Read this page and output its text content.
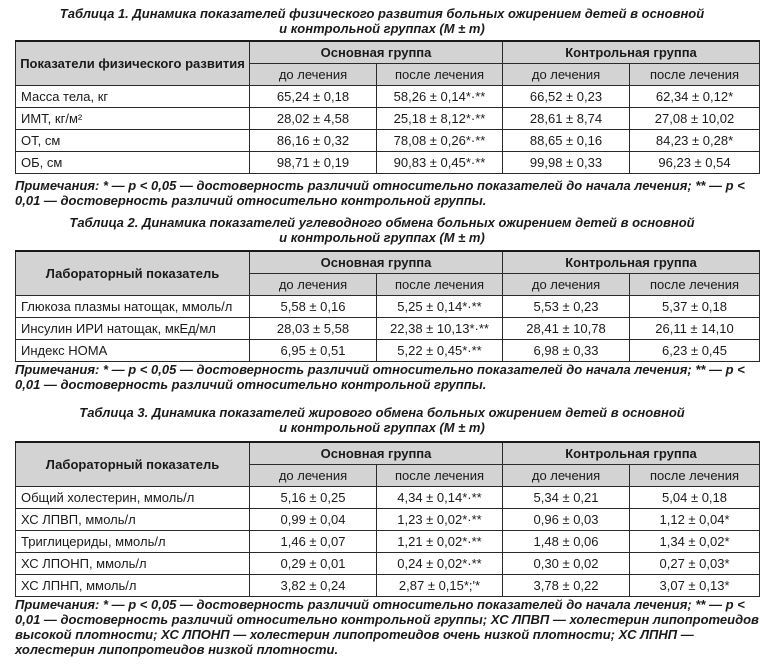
Таблица 1. Динамика показателей физического развития больных ожирением детей в основной
и контрольной группах (M ± m)
Показатели физического развития	Основная группа		Контрольная группа	
	до лечения	после лечения	до лечения	после лечения
Масса тела, кг	65,24 ± 0,18	58,26 ± 0,14*·**	66,52 ± 0,23	62,34 ± 0,12*
ИМТ, кг/м²	28,02 ± 4,58	25,18 ± 8,12*·**	28,61 ± 8,74	27,08 ± 10,02
ОТ, см	86,16 ± 0,32	78,08 ± 0,26*·**	88,65 ± 0,16	84,23 ± 0,28*
ОБ, см	98,71 ± 0,19	90,83 ± 0,45*·**	99,98 ± 0,33	96,23 ± 0,54

Примечания: * — p < 0,05 — достоверность различий относительно показателей до начала лечения; ** — p < 0,01 — достоверность различий относительно контрольной группы.

Таблица 2. Динамика показателей углеводного обмена больных ожирением детей в основной
и контрольной группах (M ± m)
Лабораторный показатель	Основная группа		Контрольная группа	
	до лечения	после лечения	до лечения	после лечения
Глюкоза плазмы натощак, ммоль/л	5,58 ± 0,16	5,25 ± 0,14*·**	5,53 ± 0,23	5,37 ± 0,18
Инсулин ИРИ натощак, мкЕд/мл	28,03 ± 5,58	22,38 ± 10,13*·**	28,41 ± 10,78	26,11 ± 14,10
Индекс HOMA	6,95 ± 0,51	5,22 ± 0,45*·**	6,98 ± 0,33	6,23 ± 0,45

Примечания: * — p < 0,05 — достоверность различий относительно показателей до начала лечения; ** — p < 0,01 — достоверность различий относительно контрольной группы.

Таблица 3. Динамика показателей жирового обмена больных ожирением детей в основной
и контрольной группах (M ± m)
Лабораторный показатель	Основная группа		Контрольная группа	
	до лечения	после лечения	до лечения	после лечения
Общий холестерин, ммоль/л	5,16 ± 0,25	4,34 ± 0,14*·**	5,34 ± 0,21	5,04 ± 0,18
ХС ЛПВП, ммоль/л	0,99 ± 0,04	1,23 ± 0,02*·**	0,96 ± 0,03	1,12 ± 0,04*
Триглицериды, ммоль/л	1,46 ± 0,07	1,21 ± 0,02*·**	1,48 ± 0,06	1,34 ± 0,02*
ХС ЛПОНП, ммоль/л	0,29 ± 0,01	0,24 ± 0,02*·**	0,30 ± 0,02	0,27 ± 0,03*
ХС ЛПНП, ммоль/л	3,82 ± 0,24	2,87 ± 0,15*;'*	3,78 ± 0,22	3,07 ± 0,13*

Примечания: * — p < 0,05 — достоверность различий относительно показателей до начала лечения; ** — p < 0,01 — достоверность различий относительно контрольной группы; ХС ЛПВП — холестерин липопротеидов высокой плотности; ХС ЛПОНП — холестерин липопротеидов очень низкой плотности; ХС ЛПНП — холестерин липопротеидов низкой плотности.
